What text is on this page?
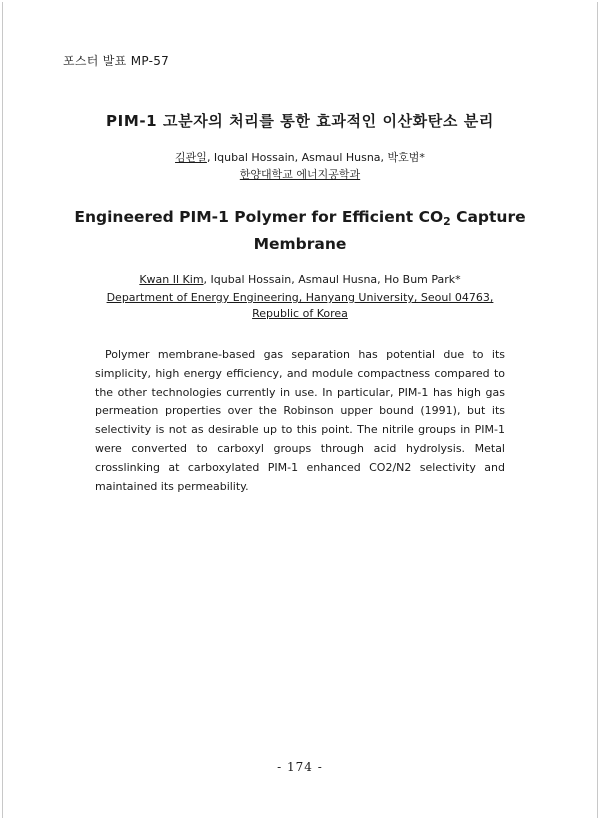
포스터 발표 MP-57
PIM-1 고분자의 처리를 통한 효과적인 이산화탄소 분리
김관일, Iqubal Hossain, Asmaul Husna, 박호범*
한양대학교 에너지공학과
Engineered PIM-1 Polymer for Efficient $CO_2$ Capture
Membrane
Kwan Il Kim, Iqubal Hossain, Asmaul Husna, Ho Bum Park*
Department of Energy Engineering, Hanyang University, Seoul 04763,
Republic of Korea
Polymer membrane-based gas separation has potential due to its simplicity, high energy efficiency, and module compactness compared to the other technologies currently in use. In particular, PIM-1 has high gas permeation properties over the Robinson upper bound (1991), but its selectivity is not as desirable up to this point. The nitrile groups in PIM-1 were converted to carboxyl groups through acid hydrolysis. Metal crosslinking at carboxylated PIM-1 enhanced CO2/N2 selectivity and maintained its permeability.
- 174 -
